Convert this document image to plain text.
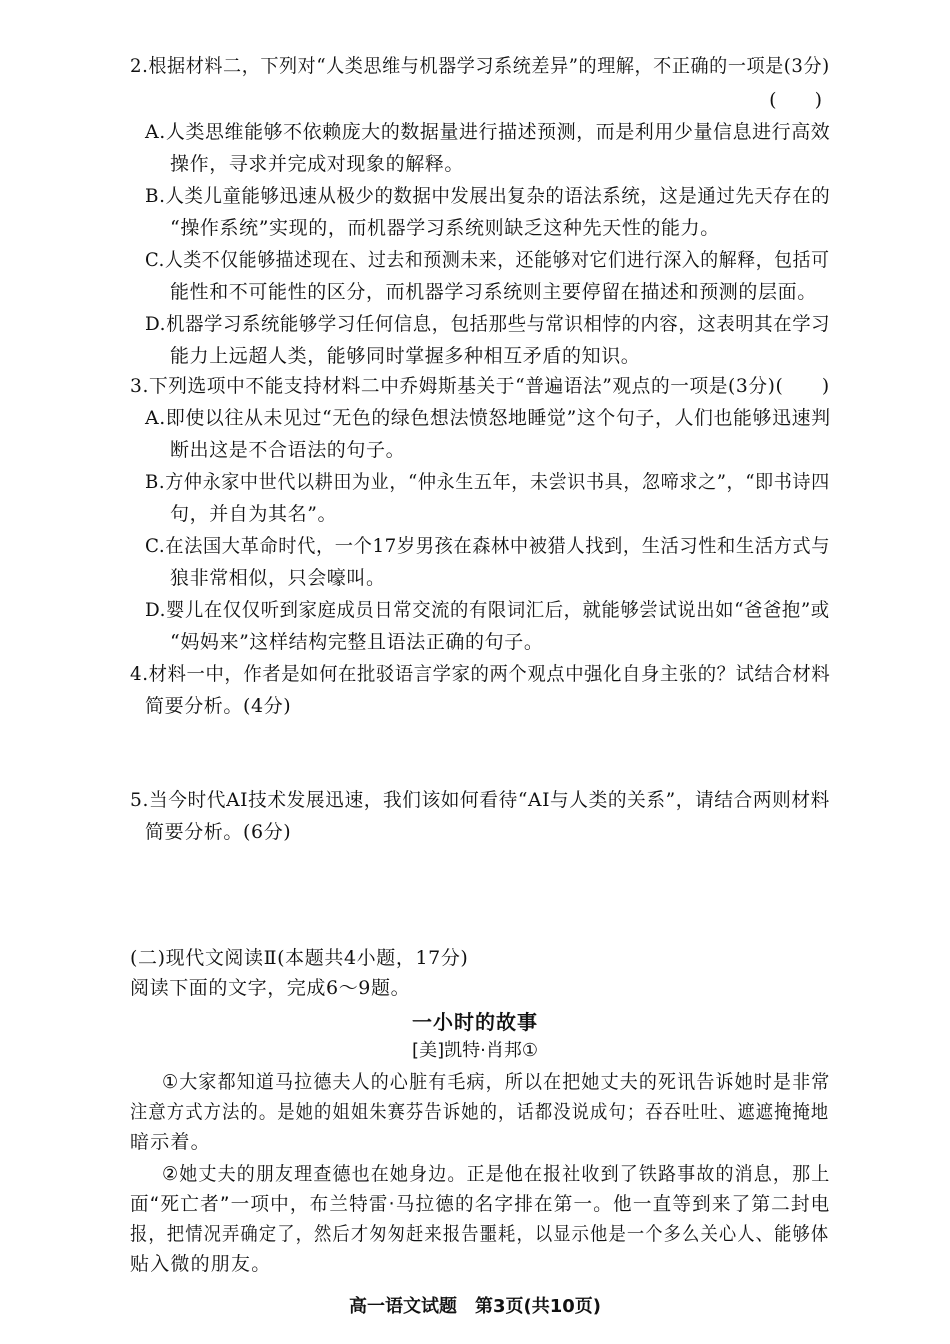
2.根据材料二，下列对“人类思维与机器学习系统差异”的理解，不正确的一项是(3分)
(　　)
A.人类思维能够不依赖庞大的数据量进行描述预测，而是利用少量信息进行高效
操作，寻求并完成对现象的解释。
B.人类儿童能够迅速从极少的数据中发展出复杂的语法系统，这是通过先天存在的
“操作系统”实现的，而机器学习系统则缺乏这种先天性的能力。
C.人类不仅能够描述现在、过去和预测未来，还能够对它们进行深入的解释，包括可
能性和不可能性的区分，而机器学习系统则主要停留在描述和预测的层面。
D.机器学习系统能够学习任何信息，包括那些与常识相悖的内容，这表明其在学习
能力上远超人类，能够同时掌握多种相互矛盾的知识。
3.下列选项中不能支持材料二中乔姆斯基关于“普遍语法”观点的一项是(3分)(　　)
A.即使以往从未见过“无色的绿色想法愤怒地睡觉”这个句子，人们也能够迅速判
断出这是不合语法的句子。
B.方仲永家中世代以耕田为业，“仲永生五年，未尝识书具，忽啼求之”，“即书诗四
句，并自为其名”。
C.在法国大革命时代，一个17岁男孩在森林中被猎人找到，生活习性和生活方式与
狼非常相似，只会嚎叫。
D.婴儿在仅仅听到家庭成员日常交流的有限词汇后，就能够尝试说出如“爸爸抱”或
“妈妈来”这样结构完整且语法正确的句子。
4.材料一中，作者是如何在批驳语言学家的两个观点中强化自身主张的？试结合材料
简要分析。(4分)
5.当今时代AI技术发展迅速，我们该如何看待“AI与人类的关系”，请结合两则材料
简要分析。(6分)
(二)现代文阅读Ⅱ(本题共4小题，17分)
阅读下面的文字，完成6～9题。
一小时的故事
[美]凯特·肖邦①
①大家都知道马拉德夫人的心脏有毛病，所以在把她丈夫的死讯告诉她时是非常
注意方式方法的。是她的姐姐朱赛芬告诉她的，话都没说成句；吞吞吐吐、遮遮掩掩地
暗示着。
②她丈夫的朋友理查德也在她身边。正是他在报社收到了铁路事故的消息，那上
面“死亡者”一项中，布兰特雷·马拉德的名字排在第一。他一直等到来了第二封电
报，把情况弄确定了，然后才匆匆赶来报告噩耗，以显示他是一个多么关心人、能够体
贴入微的朋友。
高一语文试题　第3页(共10页)
